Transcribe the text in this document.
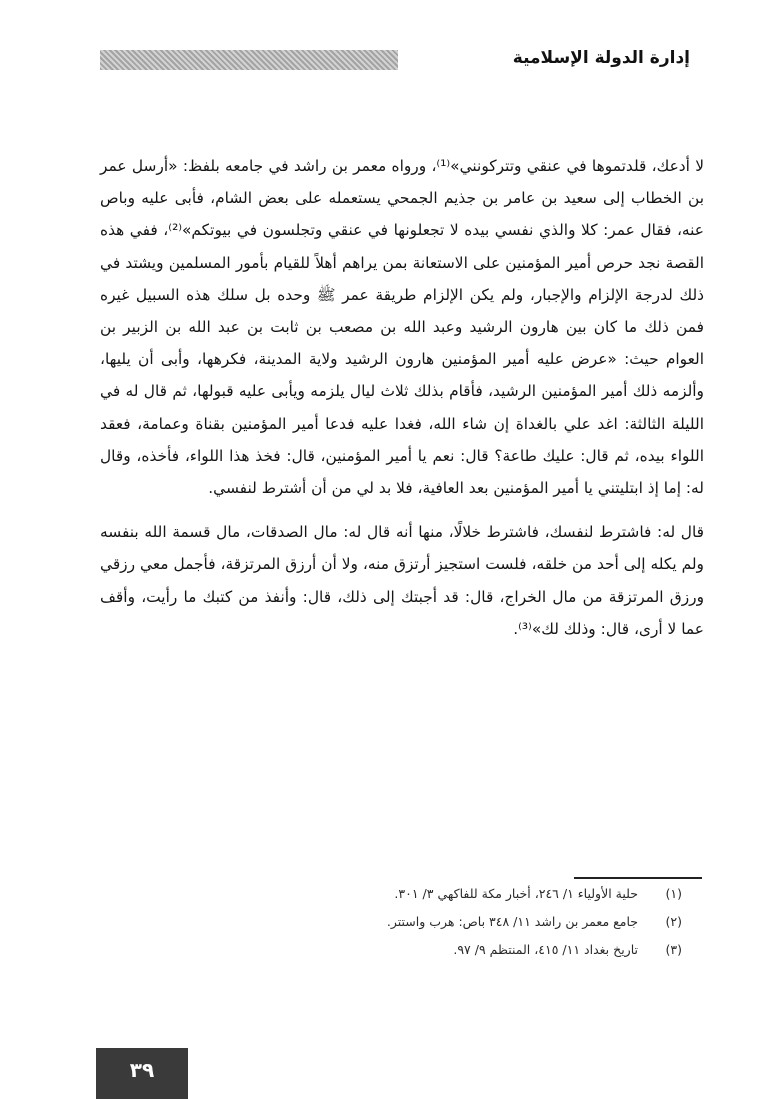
إدارة الدولة الإسلامية

لا أدعك، قلدتموها في عنقي وتتركونني»⁽¹⁾، ورواه معمر بن راشد في جامعه بلفظ: «أرسل عمر بن الخطاب إلى سعيد بن عامر بن جذيم الجمحي يستعمله على بعض الشام، فأبى عليه وباص عنه، فقال عمر: كلا والذي نفسي بيده لا تجعلونها في عنقي وتجلسون في بيوتكم»⁽²⁾، ففي هذه القصة نجد حرص أمير المؤمنين على الاستعانة بمن يراهم أهلاً للقيام بأمور المسلمين ويشتد في ذلك لدرجة الإلزام والإجبار، ولم يكن الإلزام طريقة عمر ﷺ وحده بل سلك هذه السبيل غيره فمن ذلك ما كان بين هارون الرشيد وعبد الله بن مصعب بن ثابت بن عبد الله بن الزبير بن العوام حيث: «عرض عليه أمير المؤمنين هارون الرشيد ولاية المدينة، فكرهها، وأبى أن يليها، وألزمه ذلك أمير المؤمنين الرشيد، فأقام بذلك ثلاث ليال يلزمه ويأبى عليه قبولها، ثم قال له في الليلة الثالثة: اغد علي بالغداة إن شاء الله، فغدا عليه فدعا أمير المؤمنين بقناة وعمامة، فعقد اللواء بيده، ثم قال: عليك طاعة؟ قال: نعم يا أمير المؤمنين، قال: فخذ هذا اللواء، فأخذه، وقال له: إما إذ ابتليتني يا أمير المؤمنين بعد العافية، فلا بد لي من أن أشترط لنفسي.

قال له: فاشترط لنفسك، فاشترط خلالًا، منها أنه قال له: مال الصدقات، مال قسمة الله بنفسه ولم يكله إلى أحد من خلقه، فلست استجيز أرتزق منه، ولا أن أرزق المرتزقة، فأجمل معي رزقي ورزق المرتزقة من مال الخراج، قال: قد أجبتك إلى ذلك، قال: وأنفذ من كتبك ما رأيت، وأقف عما لا أرى، قال: وذلك لك»⁽³⁾.

(١)
حلية الأولياء ١/ ٢٤٦، أخبار مكة للفاكهي ٣/ ٣٠١.
(٢)
جامع معمر بن راشد ١١/ ٣٤٨ باص: هرب واستتر.
(٣)
تاريخ بغداد ١١/ ٤١٥، المنتظم ٩/ ٩٧.
٣٩
